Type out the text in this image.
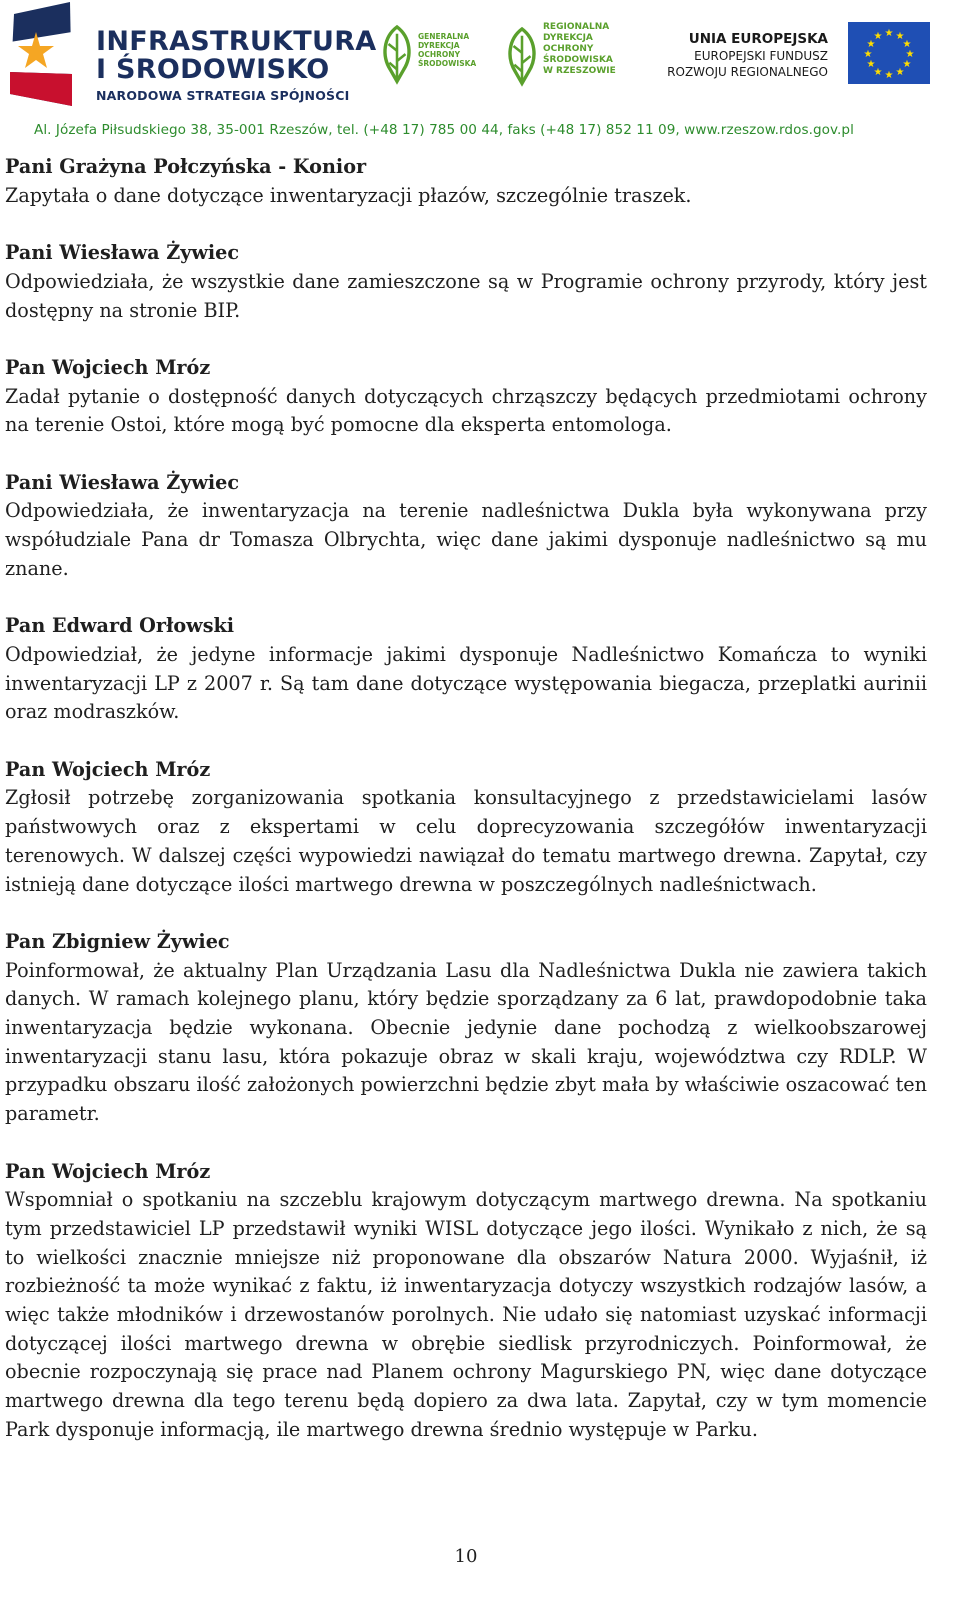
INFRASTRUKTURA
I ŚRODOWISKO
NARODOWA STRATEGIA SPÓJNOŚCI
GENERALNA
DYREKCJA
OCHRONY
ŚRODOWISKA
REGIONALNA
DYREKCJA
OCHRONY
ŚRODOWISKA
W RZESZOWIE
UNIA EUROPEJSKA
EUROPEJSKI FUNDUSZ
ROZWOJU REGIONALNEGO
★ ★
★
★
★
★
★
★
★
★
★
★
Al. Józefa Piłsudskiego 38, 35-001 Rzeszów, tel. (+48 17) 785 00 44, faks (+48 17) 852 11 09, www.rzeszow.rdos.gov.pl
Pani Grażyna Połczyńska - Konior
Zapytała o dane dotyczące inwentaryzacji płazów, szczególnie traszek.
Pani Wiesława Żywiec
Odpowiedziała, że wszystkie dane zamieszczone są w Programie ochrony przyrody, który jest dostępny na stronie BIP.
Pan Wojciech Mróz
Zadał pytanie o dostępność danych dotyczących chrząszczy będących przedmiotami ochrony na terenie Ostoi, które mogą być pomocne dla eksperta entomologa.
Pani Wiesława Żywiec
Odpowiedziała, że inwentaryzacja na terenie nadleśnictwa Dukla była wykonywana przy współudziale Pana dr Tomasza Olbrychta, więc dane jakimi dysponuje nadleśnictwo są mu znane.
Pan Edward Orłowski
Odpowiedział, że jedyne informacje jakimi dysponuje Nadleśnictwo Komańcza to wyniki inwentaryzacji LP z 2007 r. Są tam dane dotyczące występowania biegacza, przeplatki aurinii oraz modraszków.
Pan Wojciech Mróz
Zgłosił potrzebę zorganizowania spotkania konsultacyjnego z przedstawicielami lasów państwowych oraz z ekspertami w celu doprecyzowania szczegółów inwentaryzacji terenowych. W dalszej części wypowiedzi nawiązał do tematu martwego drewna. Zapytał, czy istnieją dane dotyczące ilości martwego drewna w poszczególnych nadleśnictwach.
Pan Zbigniew Żywiec
Poinformował, że aktualny Plan Urządzania Lasu dla Nadleśnictwa Dukla nie zawiera takich danych. W ramach kolejnego planu, który będzie sporządzany za 6 lat, prawdopodobnie taka inwentaryzacja będzie wykonana. Obecnie jedynie dane pochodzą z wielkoobszarowej inwentaryzacji stanu lasu, która pokazuje obraz w skali kraju, województwa czy RDLP. W przypadku obszaru ilość założonych powierzchni będzie zbyt mała by właściwie oszacować ten parametr.
Pan Wojciech Mróz
Wspomniał o spotkaniu na szczeblu krajowym dotyczącym martwego drewna. Na spotkaniu tym przedstawiciel LP przedstawił wyniki WISL dotyczące jego ilości. Wynikało z nich, że są to wielkości znacznie mniejsze niż proponowane dla obszarów Natura 2000. Wyjaśnił, iż rozbieżność ta może wynikać z faktu, iż inwentaryzacja dotyczy wszystkich rodzajów lasów, a więc także młodników i drzewostanów porolnych. Nie udało się natomiast uzyskać informacji dotyczącej ilości martwego drewna w obrębie siedlisk przyrodniczych. Poinformował, że obecnie rozpoczynają się prace nad Planem ochrony Magurskiego PN, więc dane dotyczące martwego drewna dla tego terenu będą dopiero za dwa lata. Zapytał, czy w tym momencie Park dysponuje informacją, ile martwego drewna średnio występuje w Parku.
10
